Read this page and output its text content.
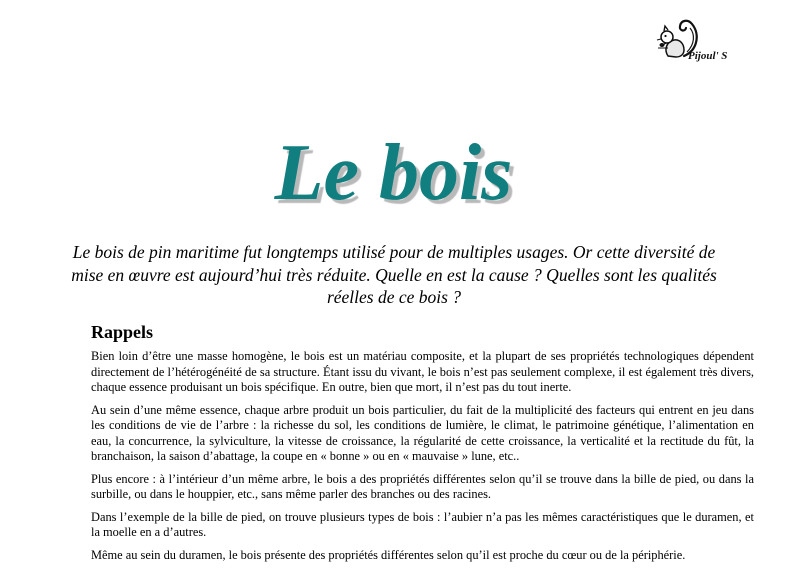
Pijoul' S
Le bois

Le bois de pin maritime fut longtemps utilisé pour de multiples usages. Or cette diversité de mise en œuvre est aujourd’hui très réduite. Quelle en est la cause ? Quelles sont les qualités réelles de ce bois ?

Rappels

Bien loin d’être une masse homogène, le bois est un matériau composite, et la plupart de ses propriétés technologiques dépendent directement de l’hétérogénéité de sa structure. Étant issu du vivant, le bois n’est pas seulement complexe, il est également très divers, chaque essence produisant un bois spécifique. En outre, bien que mort, il n’est pas du tout inerte.

Au sein d’une même essence, chaque arbre produit un bois particulier, du fait de la multiplicité des facteurs qui entrent en jeu dans les conditions de vie de l’arbre : la richesse du sol, les conditions de lumière, le climat, le patrimoine génétique, l’alimentation en eau, la concurrence, la sylviculture, la vitesse de croissance, la régularité de cette croissance, la verticalité et la rectitude du fût, la branchaison, la saison d’abattage, la coupe en « bonne » ou en « mauvaise » lune, etc..

Plus encore : à l’intérieur d’un même arbre, le bois a des propriétés différentes selon qu’il se trouve dans la bille de pied, ou dans la surbille, ou dans le houppier, etc., sans même parler des branches ou des racines.

Dans l’exemple de la bille de pied, on trouve plusieurs types de bois : l’aubier n’a pas les mêmes caractéristiques que le duramen, et la moelle en a d’autres.

Même au sein du duramen, le bois présente des propriétés différentes selon qu’il est proche du cœur ou de la périphérie.
